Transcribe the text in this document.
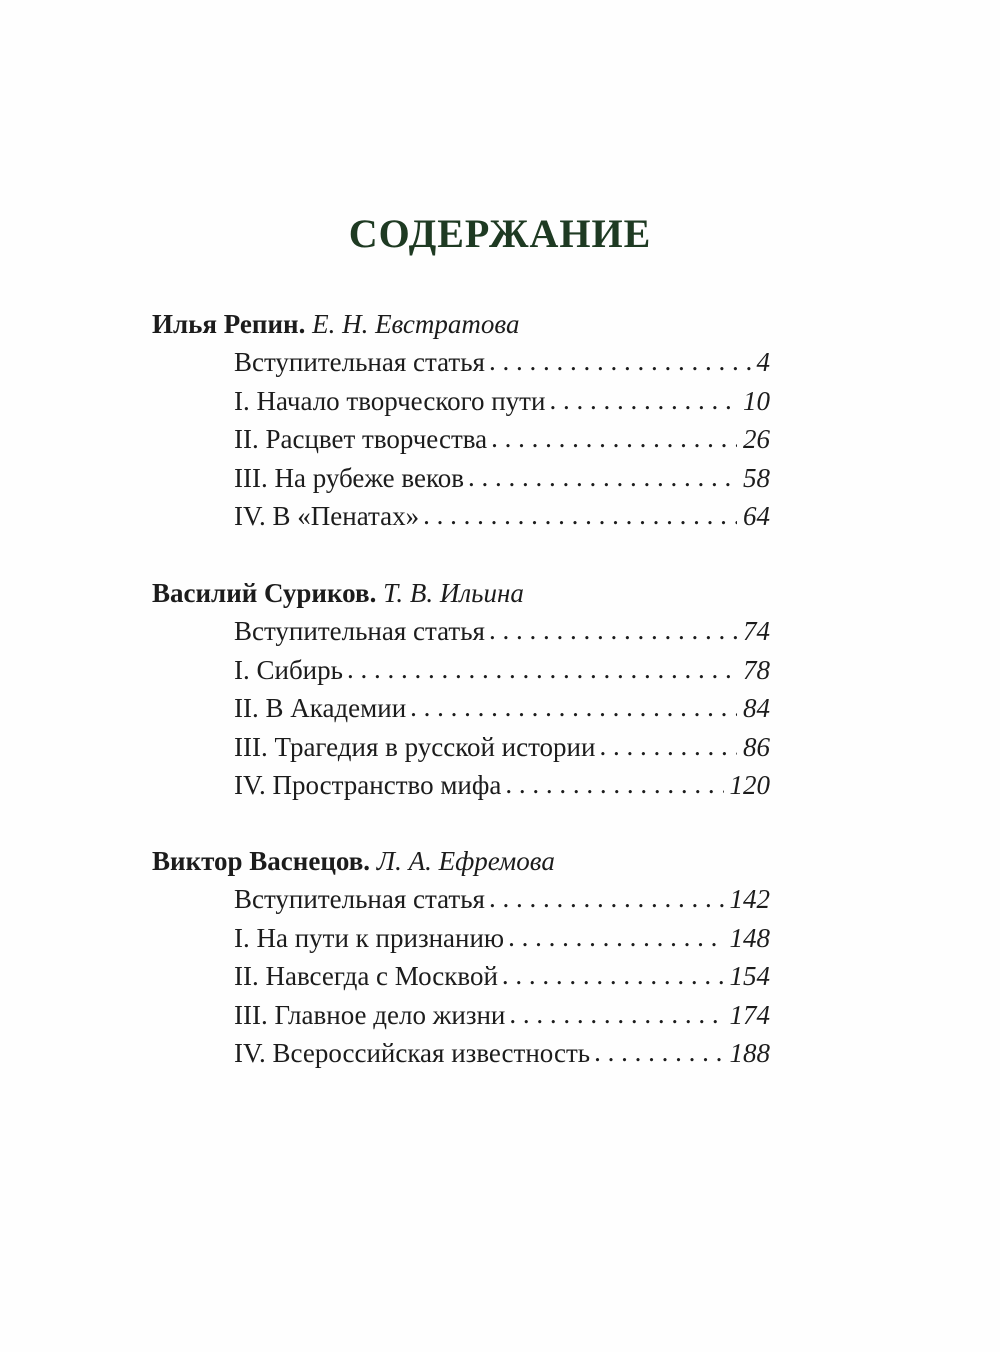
СОДЕРЖАНИЕ
Илья Репин. Е. Н. Евстратова
Вступительная статья . . .	4
I. Начало творческого пути . . .	10
II. Расцвет творчества . . .	26
III. На рубеже веков . . .	58
IV. В «Пенатах» . . .	64
Василий Суриков. Т. В. Ильина
Вступительная статья . . .	74
I. Сибирь . . .	78
II. В Академии . . .	84
III. Трагедия в русской истории . . .	86
IV. Пространство мифа . . .	120
Виктор Васнецов. Л. А. Ефремова
Вступительная статья . . .	142
I. На пути к признанию . . .	148
II. Навсегда с Москвой . . .	154
III. Главное дело жизни . . .	174
IV. Всероссийская известность . . .	188
